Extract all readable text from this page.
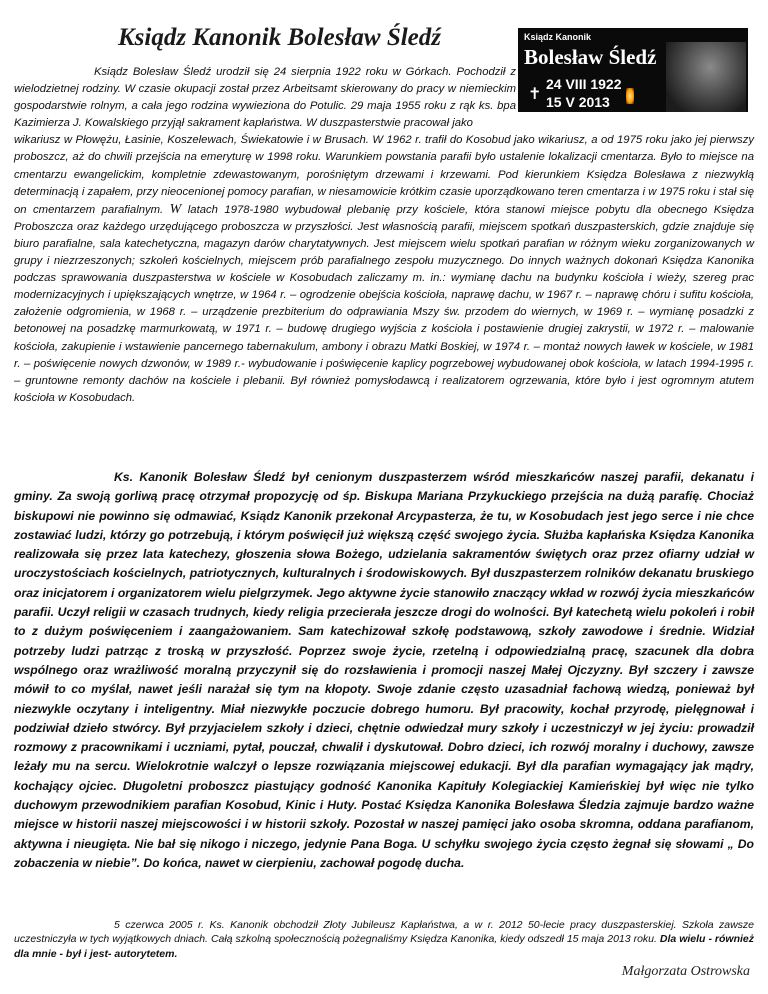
Ksiądz Kanonik Bolesław Śledź	Ksiądz Kanonik
Bolesław Śledź
✝
24 VIII 1922
15 V 2013

Ksiądz Bolesław Śledź urodził się 24 sierpnia 1922 roku w Górkach. Pochodził z wielodzietnej rodziny. W czasie okupacji został przez Arbeitsamt skierowany do pracy w niemieckim gospodarstwie rolnym, a cała jego rodzina wywieziona do Potulic. 29 maja 1955 roku z rąk ks. bpa Kazimierza J. Kowalskiego przyjął sakrament kapłaństwa. W duszpasterstwie pracował jako
wikariusz w Płowężu, Łasinie, Koszelewach, Świekatowie i w Brusach. W 1962 r. trafił do Kosobud jako wikariusz, a od 1975 roku jako jej pierwszy proboszcz, aż do chwili przejścia na emeryturę w 1998 roku. Warunkiem powstania parafii było ustalenie lokalizacji cmentarza. Było to miejsce na cmentarzu ewangelickim, kompletnie zdewastowanym, porośniętym drzewami i krzewami. Pod kierunkiem Księdza Bolesława z niezwykłą determinacją i zapałem, przy nieocenionej pomocy parafian, w niesamowicie krótkim czasie uporządkowano teren cmentarza i w 1975 roku i stał się on cmentarzem parafialnym. W latach 1978-1980 wybudował plebanię przy kościele, która stanowi miejsce pobytu dla obecnego Księdza Proboszcza oraz każdego urzędującego proboszcza w przyszłości. Jest własnością parafii, miejscem spotkań duszpasterskich, gdzie znajduje się biuro parafialne, sala katechetyczna, magazyn darów charytatywnych. Jest miejscem wielu spotkań parafian w różnym wieku zorganizowanych w grupy i niezrzeszonych; szkoleń kościelnych, miejscem prób parafialnego zespołu muzycznego. Do innych ważnych dokonań Księdza Kanonika podczas sprawowania duszpasterstwa w kościele w Kosobudach zaliczamy m. in.: wymianę dachu na budynku kościoła i wieży, szereg prac modernizacyjnych i upiększających wnętrze, w 1964 r. – ogrodzenie obejścia kościoła, naprawę dachu, w 1967 r. – naprawę chóru i sufitu kościoła, założenie odgromienia, w 1968 r. – urządzenie prezbiterium do odprawiania Mszy św. przodem do wiernych, w 1969 r. – wymianę posadzki z betonowej na posadzkę marmurkowatą, w 1971 r. – budowę drugiego wyjścia z kościoła i postawienie drugiej zakrystii, w 1972 r. – malowanie kościoła, zakupienie i wstawienie pancernego tabernakulum, ambony i obrazu Matki Boskiej, w 1974 r. – montaż nowych ławek w kościele, w 1981 r. – poświęcenie nowych dzwonów, w 1989 r.- wybudowanie i poświęcenie kaplicy pogrzebowej wybudowanej obok kościoła, w latach 1994-1995 r. – gruntowne remonty dachów na kościele i plebanii. Był również pomysłodawcą i realizatorem ogrzewania, które było i jest ogromnym atutem kościoła w Kosobudach.

Ks. Kanonik Bolesław Śledź był cenionym duszpasterzem wśród mieszkańców naszej parafii, dekanatu i gminy. Za swoją gorliwą pracę otrzymał propozycję od śp. Biskupa Mariana Przykuckiego przejścia na dużą parafię. Chociaż biskupowi nie powinno się odmawiać, Ksiądz Kanonik przekonał Arcypasterza, że tu, w Kosobudach jest jego serce i nie chce zostawiać ludzi, którzy go potrzebują, i którym poświęcił już większą część swojego życia. Służba kapłańska Księdza Kanonika realizowała się przez lata katechezy, głoszenia słowa Bożego, udzielania sakramentów świętych oraz przez ofiarny udział w uroczystościach kościelnych, patriotycznych, kulturalnych i środowiskowych. Był duszpasterzem rolników dekanatu bruskiego oraz inicjatorem i organizatorem wielu pielgrzymek. Jego aktywne życie stanowiło znaczący wkład w rozwój życia mieszkańców parafii. Uczył religii w czasach trudnych, kiedy religia przecierała jeszcze drogi do wolności. Był katechetą wielu pokoleń i robił to z dużym poświęceniem i zaangażowaniem. Sam katechizował szkołę podstawową, szkoły zawodowe i średnie. Widział potrzeby ludzi patrząc z troską w przyszłość. Poprzez swoje życie, rzetelną i odpowiedzialną pracę, szacunek dla dobra wspólnego oraz wrażliwość moralną przyczynił się do rozsławienia i promocji naszej Małej Ojczyzny. Był szczery i zawsze mówił to co myślał, nawet jeśli narażał się tym na kłopoty. Swoje zdanie często uzasadniał fachową wiedzą, ponieważ był niezwykle oczytany i inteligentny. Miał niezwykłe poczucie dobrego humoru. Był pracowity, kochał przyrodę, pielęgnował i podziwiał dzieło stwórcy. Był przyjacielem szkoły i dzieci, chętnie odwiedzał mury szkoły i uczestniczył w jej życiu: prowadził rozmowy z pracownikami i uczniami, pytał, pouczał, chwalił i dyskutował. Dobro dzieci, ich rozwój moralny i duchowy, zawsze leżały mu na sercu. Wielokrotnie walczył o lepsze rozwiązania miejscowej edukacji. Był dla parafian wymagający jak mądry, kochający ojciec. Długoletni proboszcz piastujący godność Kanonika Kapituły Kolegiackiej Kamieńskiej był więc nie tylko duchowym przewodnikiem parafian Kosobud, Kinic i Huty. Postać Księdza Kanonika Bolesława Śledzia zajmuje bardzo ważne miejsce w historii naszej miejscowości i w historii szkoły. Pozostał w naszej pamięci jako osoba skromna, oddana parafianom, aktywna i nieugięta. Nie bał się nikogo i niczego, jedynie Pana Boga. U schyłku swojego życia często żegnał się słowami „ Do zobaczenia w niebie”. Do końca, nawet w cierpieniu, zachował pogodę ducha.

5 czerwca 2005 r. Ks. Kanonik obchodził Złoty Jubileusz Kapłaństwa, a w r. 2012 50-lecie pracy duszpasterskiej. Szkoła zawsze uczestniczyła w tych wyjątkowych dniach. Całą szkolną społecznością pożegnaliśmy Księdza Kanonika, kiedy odszedł 15 maja 2013 roku. Dla wielu - również dla mnie - był i jest- autorytetem.

Małgorzata Ostrowska
